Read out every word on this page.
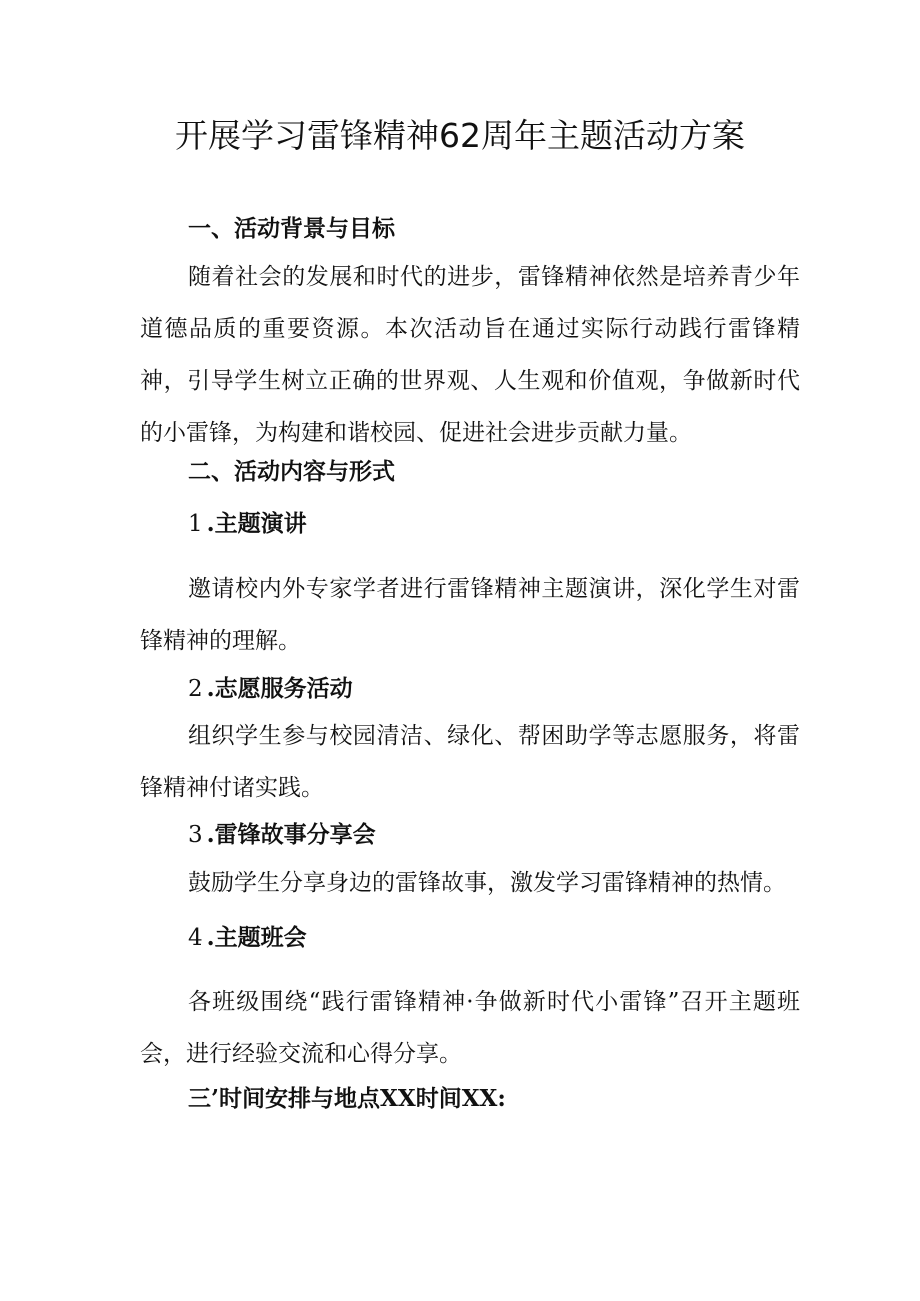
开展学习雷锋精神62周年主题活动方案
一、活动背景与目标

随着社会的发展和时代的进步，雷锋精神依然是培养青少年道德品质的重要资源。本次活动旨在通过实际行动践行雷锋精神，引导学生树立正确的世界观、人生观和价值观，争做新时代的小雷锋，为构建和谐校园、促进社会进步贡献力量。

二、活动内容与形式
1 .主题演讲

邀请校内外专家学者进行雷锋精神主题演讲，深化学生对雷锋精神的理解。

2 .志愿服务活动

组织学生参与校园清洁、绿化、帮困助学等志愿服务，将雷锋精神付诸实践。

3 .雷锋故事分享会

鼓励学生分享身边的雷锋故事，激发学习雷锋精神的热情。

4 .主题班会

各班级围绕“践行雷锋精神·争做新时代小雷锋”召开主题班会，进行经验交流和心得分享。

三’时间安排与地点XX时间XX:
